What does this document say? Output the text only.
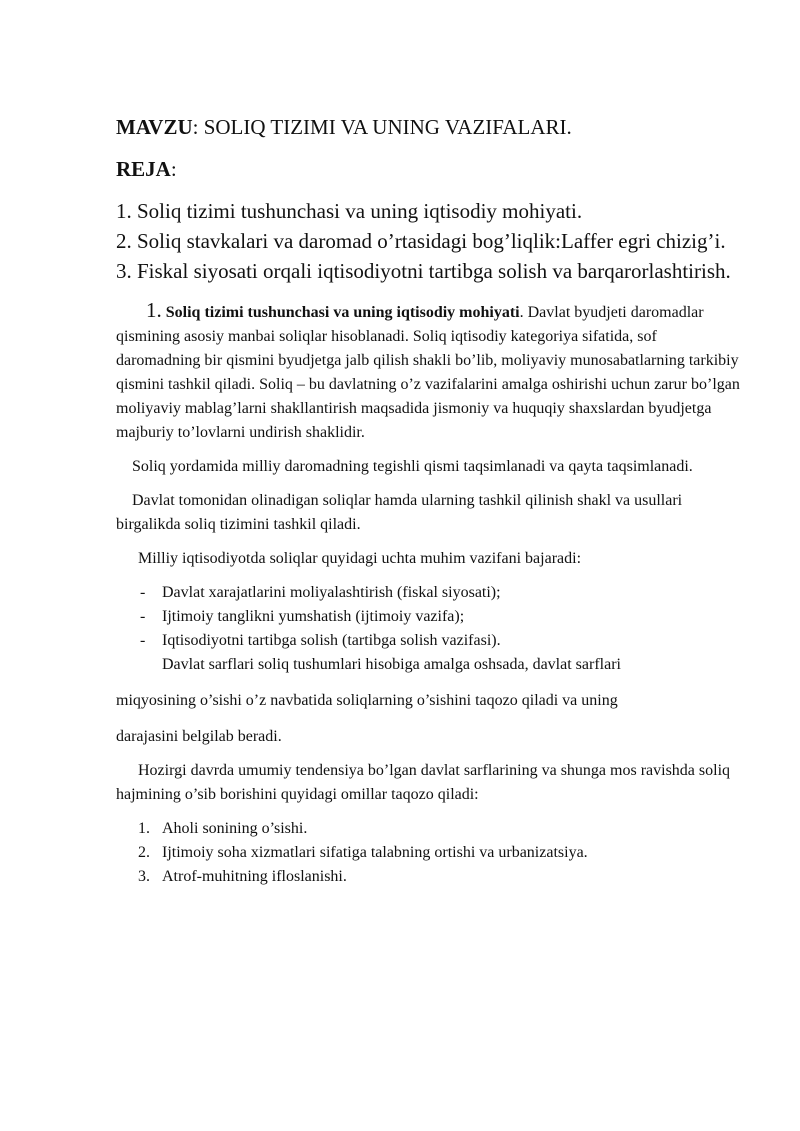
MAVZU: SOLIQ TIZIMI VA UNING VAZIFALARI.
REJA:
1. Soliq tizimi tushunchasi va uning iqtisodiy mohiyati.
2. Soliq stavkalari va daromad o’rtasidagi bog’liqlik:Laffer egri chizig’i.
3. Fiskal siyosati orqali iqtisodiyotni tartibga solish va barqarorlashtirish.

1. Soliq tizimi tushunchasi va uning iqtisodiy mohiyati. Davlat byudjeti daromadlar qismining asosiy manbai soliqlar hisoblanadi. Soliq iqtisodiy kategoriya sifatida, sof daromadning bir qismini byudjetga jalb qilish shakli bo’lib, moliyaviy munosabatlarning tarkibiy qismini tashkil qiladi. Soliq – bu davlatning o’z vazifalarini amalga oshirishi uchun zarur bo’lgan moliyaviy mablag’larni shakllantirish maqsadida jismoniy va huquqiy shaxslardan byudjetga majburiy to’lovlarni undirish shaklidir.

Soliq yordamida milliy daromadning tegishli qismi taqsimlanadi va qayta taqsimlanadi.

Davlat tomonidan olinadigan soliqlar hamda ularning tashkil qilinish shakl va usullari birgalikda soliq tizimini tashkil qiladi.

Milliy iqtisodiyotda soliqlar quyidagi uchta muhim vazifani bajaradi:

- Davlat xarajatlarini moliyalashtirish (fiskal siyosati);
- Ijtimoiy tanglikni yumshatish (ijtimoiy vazifa);
- Iqtisodiyotni tartibga solish (tartibga solish vazifasi).

Davlat sarflari soliq tushumlari hisobiga amalga oshsada, davlat sarflari

miqyosining o’sishi o’z navbatida soliqlarning o’sishini taqozo qiladi va uning

darajasini belgilab beradi.

Hozirgi davrda umumiy tendensiya bo’lgan davlat sarflarining va shunga mos ravishda soliq hajmining o’sib borishini quyidagi omillar taqozo qiladi:

1. Aholi sonining o’sishi.
2. Ijtimoiy soha xizmatlari sifatiga talabning ortishi va urbanizatsiya.
3. Atrof-muhitning ifloslanishi.
